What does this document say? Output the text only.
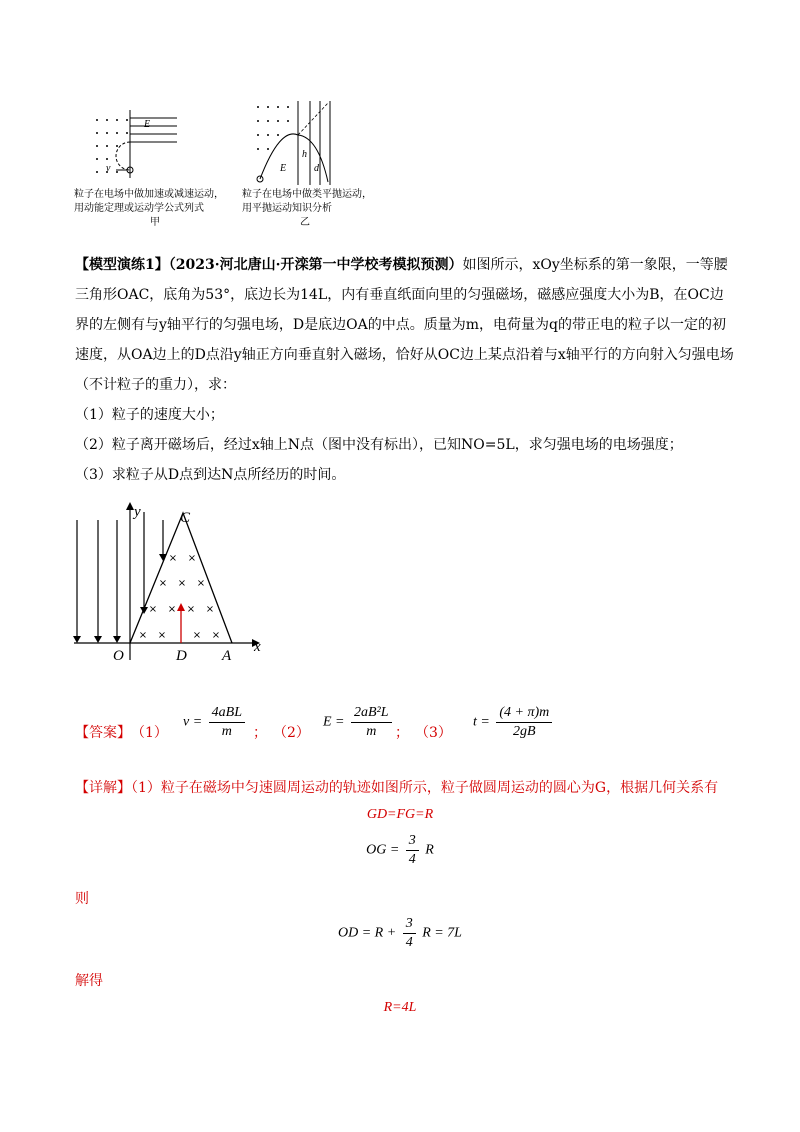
E
v
粒子在电场中做加速或减速运动，
用动能定理或运动学公式列式
甲
E
h
d
粒子在电场中做类平抛运动，
用平抛运动知识分析
乙

【模型演练1】（2023·河北唐山·开滦第一中学校考模拟预测）如图所示，xOy坐标系的第一象限，一等腰三角形OAC，底角为53°，底边长为14L，内有垂直纸面向里的匀强磁场，磁感应强度大小为B，在OC边界的左侧有与y轴平行的匀强电场，D是底边OA的中点。质量为m，电荷量为q的带正电的粒子以一定的初速度，从OA边上的D点沿y轴正方向垂直射入磁场，恰好从OC边上某点沿着与x轴平行的方向射入匀强电场（不计粒子的重力），求：

（1）粒子的速度大小；

（2）粒子离开磁场后，经过x轴上N点（图中没有标出），已知NO=5L，求匀强电场的电场强度；

（3）求粒子从D点到达N点所经历的时间。

× ×
× × ×
× × × ×
× ×	× ×
y
x
C
O	D A
【答案】 （1）
$v = \frac{\text{4aBL}}{m}$ ； （2）
$E = \frac{\text{2aB²L}}{m}$ ； （3）
$t = \frac{(4 + \pi)m}{2gB}$
【详解】（1）粒子在磁场中匀速圆周运动的轨迹如图所示，粒子做圆周运动的圆心为G，根据几何关系有
GD=FG=R
OG = $\frac{3}{4}$ R
则
OD = $R + \frac{3}{4}$ R = 7L
解得
R=4L
